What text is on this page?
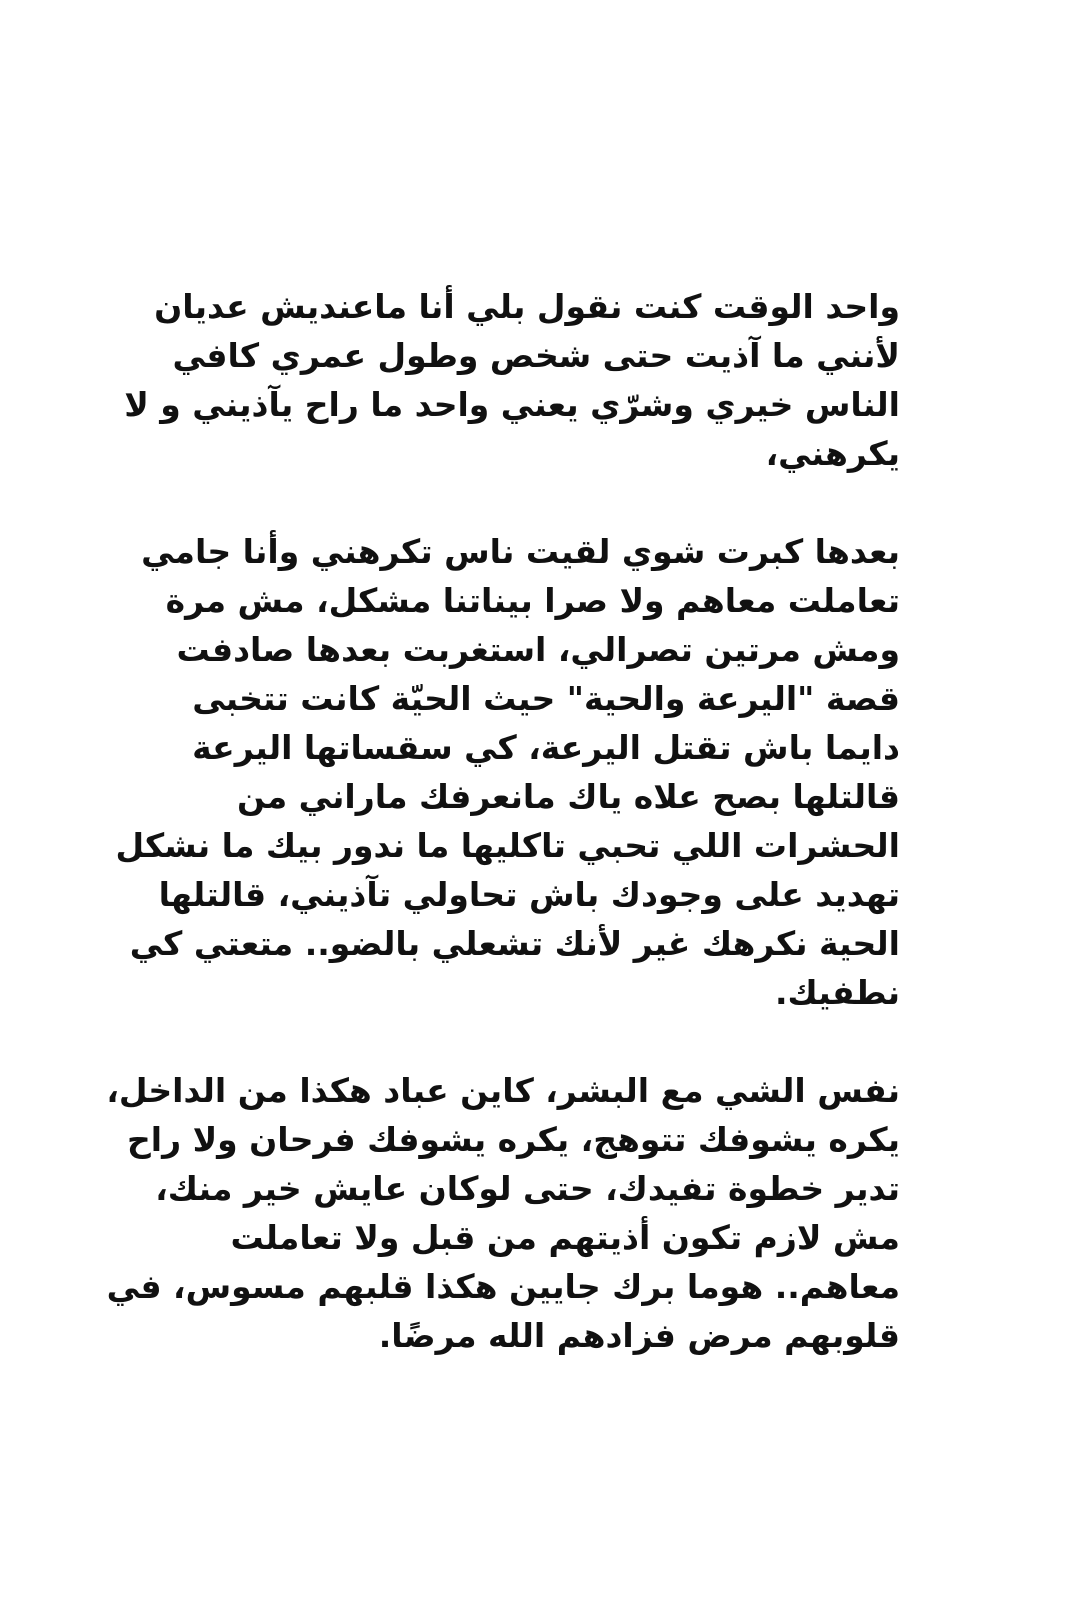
واحد الوقت كنت نقول بلي أنا ماعنديش عديان
لأنني ما آذيت حتى شخص وطول عمري كافي
الناس خيري وشرّي يعني واحد ما راح يآذيني و لا
يكرهني،

بعدها كبرت شوي لقيت ناس تكرهني وأنا جامي
تعاملت معاهم ولا صرا بيناتنا مشكل، مش مرة
ومش مرتين تصرالي، استغربت بعدها صادفت
قصة "اليرعة والحية" حيث الحيّة كانت تتخبى
دايما باش تقتل اليرعة، كي سقساتها اليرعة
قالتلها بصح علاه ياك مانعرفك ماراني من
الحشرات اللي تحبي تاكليها ما ندور بيك ما نشكل
تهديد على وجودك باش تحاولي تآذيني، قالتلها
الحية نكرهك غير لأنك تشعلي بالضو.. متعتي كي
نطفيك.

نفس الشي مع البشر، كاين عباد هكذا من الداخل،
يكره يشوفك تتوهج، يكره يشوفك فرحان ولا راح
تدير خطوة تفيدك، حتى لوكان عايش خير منك،
مش لازم تكون أذيتهم من قبل ولا تعاملت
معاهم.. هوما برك جايين هكذا قلبهم مسوس، في
قلوبهم مرض فزادهم الله مرضًا.
